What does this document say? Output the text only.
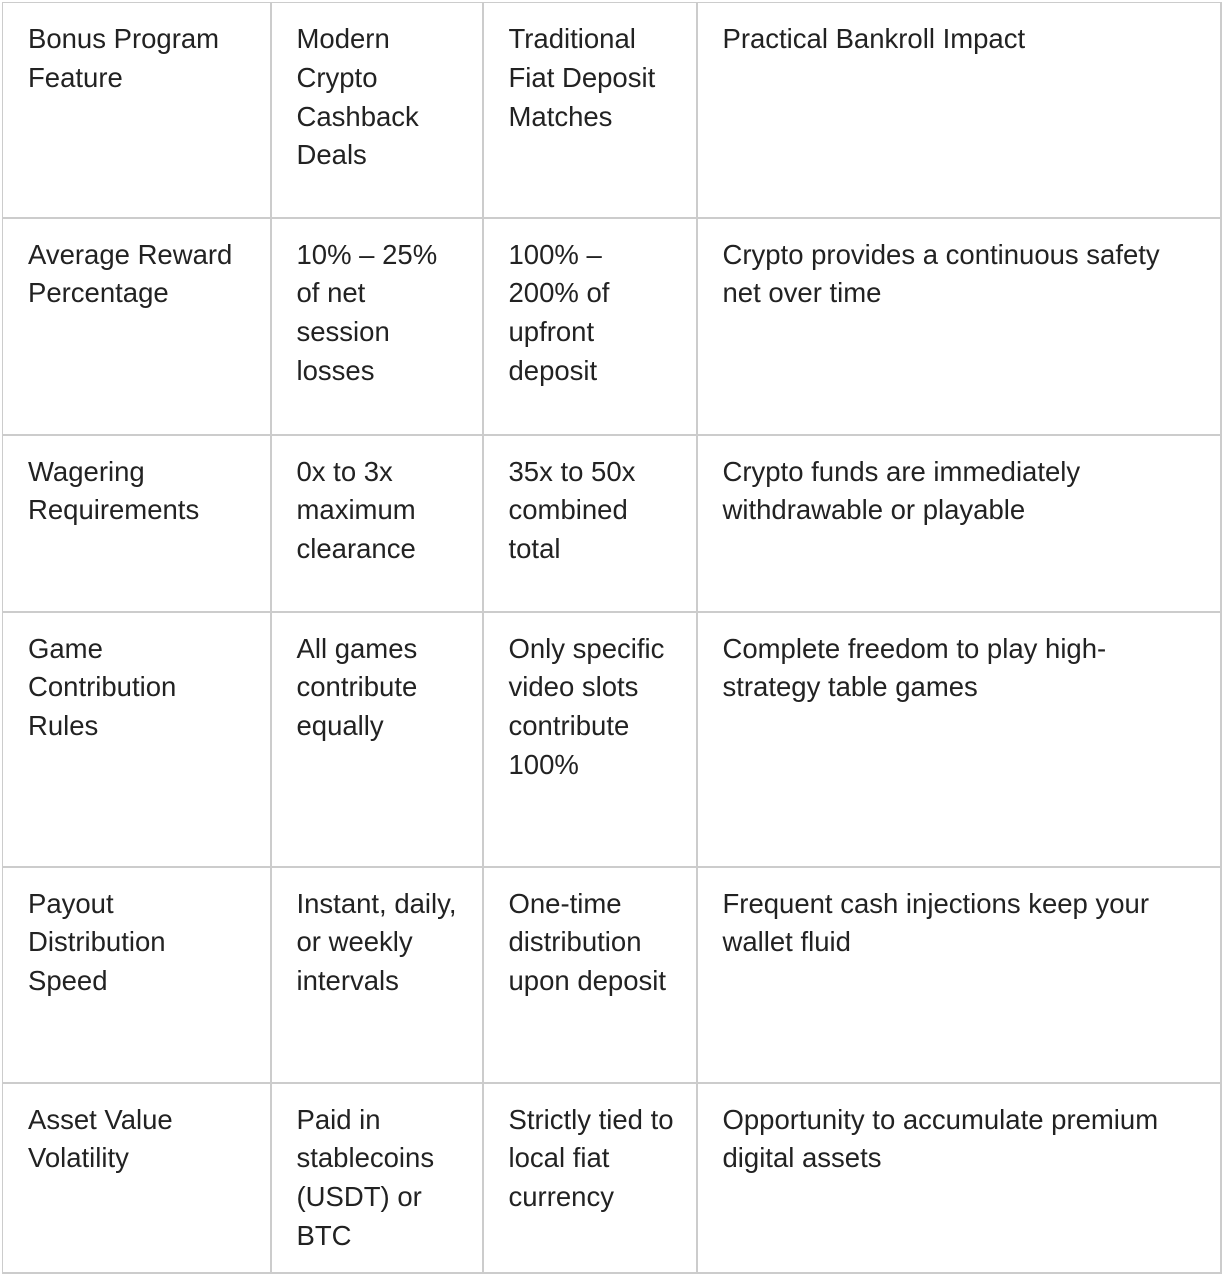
Bonus Program Feature	Modern Crypto Cashback Deals	Traditional Fiat Deposit Matches	Practical Bankroll Impact
Average Reward Percentage	10% – 25% of net session losses	100% – 200% of upfront deposit	Crypto provides a continuous safety net over time
Wagering Requirements	0x to 3x maximum clearance	35x to 50x combined total	Crypto funds are immediately withdrawable or playable
Game Contribution Rules	All games contribute equally	Only specific video slots contribute 100%	Complete freedom to play high-strategy table games
Payout Distribution Speed	Instant, daily, or weekly intervals	One-time distribution upon deposit	Frequent cash injections keep your wallet fluid
Asset Value Volatility	Paid in stablecoins (USDT) or BTC	Strictly tied to local fiat currency	Opportunity to accumulate premium digital assets
